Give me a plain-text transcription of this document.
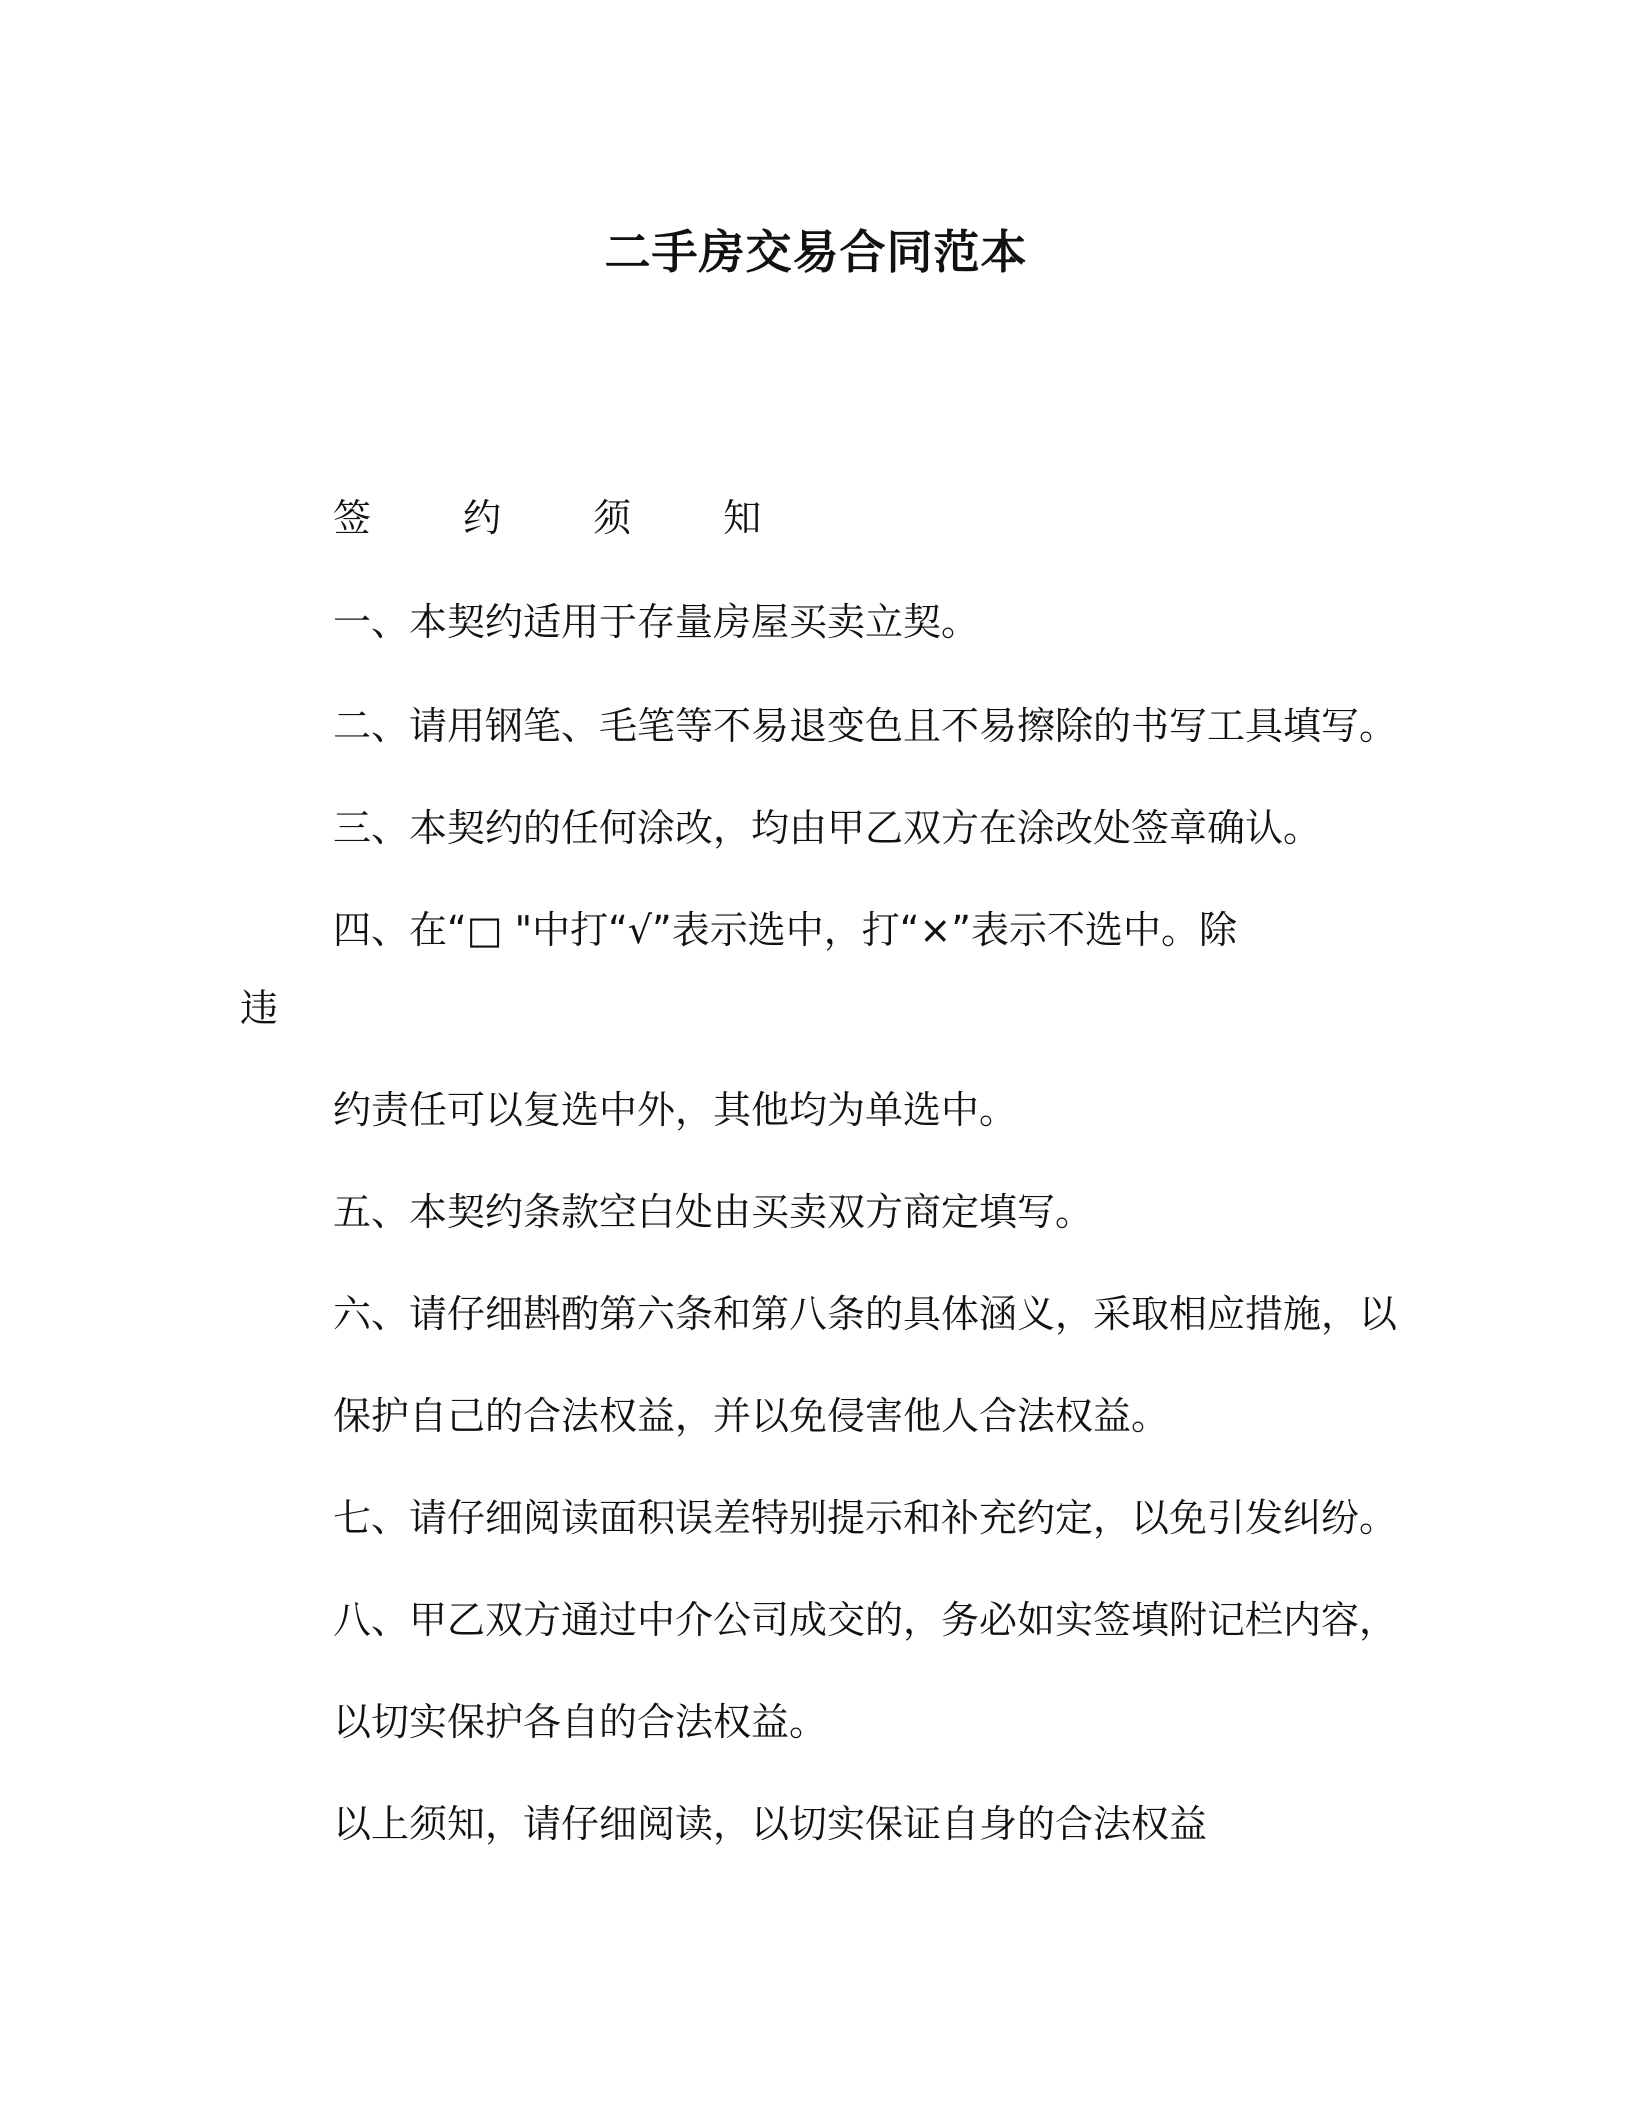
二手房交易合同范本
签 约 须 知
一、本契约适用于存量房屋买卖立契。
二、请用钢笔、毛笔等不易退变色且不易擦除的书写工具填写。
三、本契约的任何涂改，均由甲乙双方在涂改处签章确认。
四、在“□ "中打“√”表示选中，打“×”表示不选中。除
违
约责任可以复选中外，其他均为单选中。
五、本契约条款空白处由买卖双方商定填写。
六、请仔细斟酌第六条和第八条的具体涵义，采取相应措施，以
保护自己的合法权益，并以免侵害他人合法权益。
七、请仔细阅读面积误差特别提示和补充约定，以免引发纠纷。
八、甲乙双方通过中介公司成交的，务必如实签填附记栏内容，
以切实保护各自的合法权益。
以上须知，请仔细阅读，以切实保证自身的合法权益
